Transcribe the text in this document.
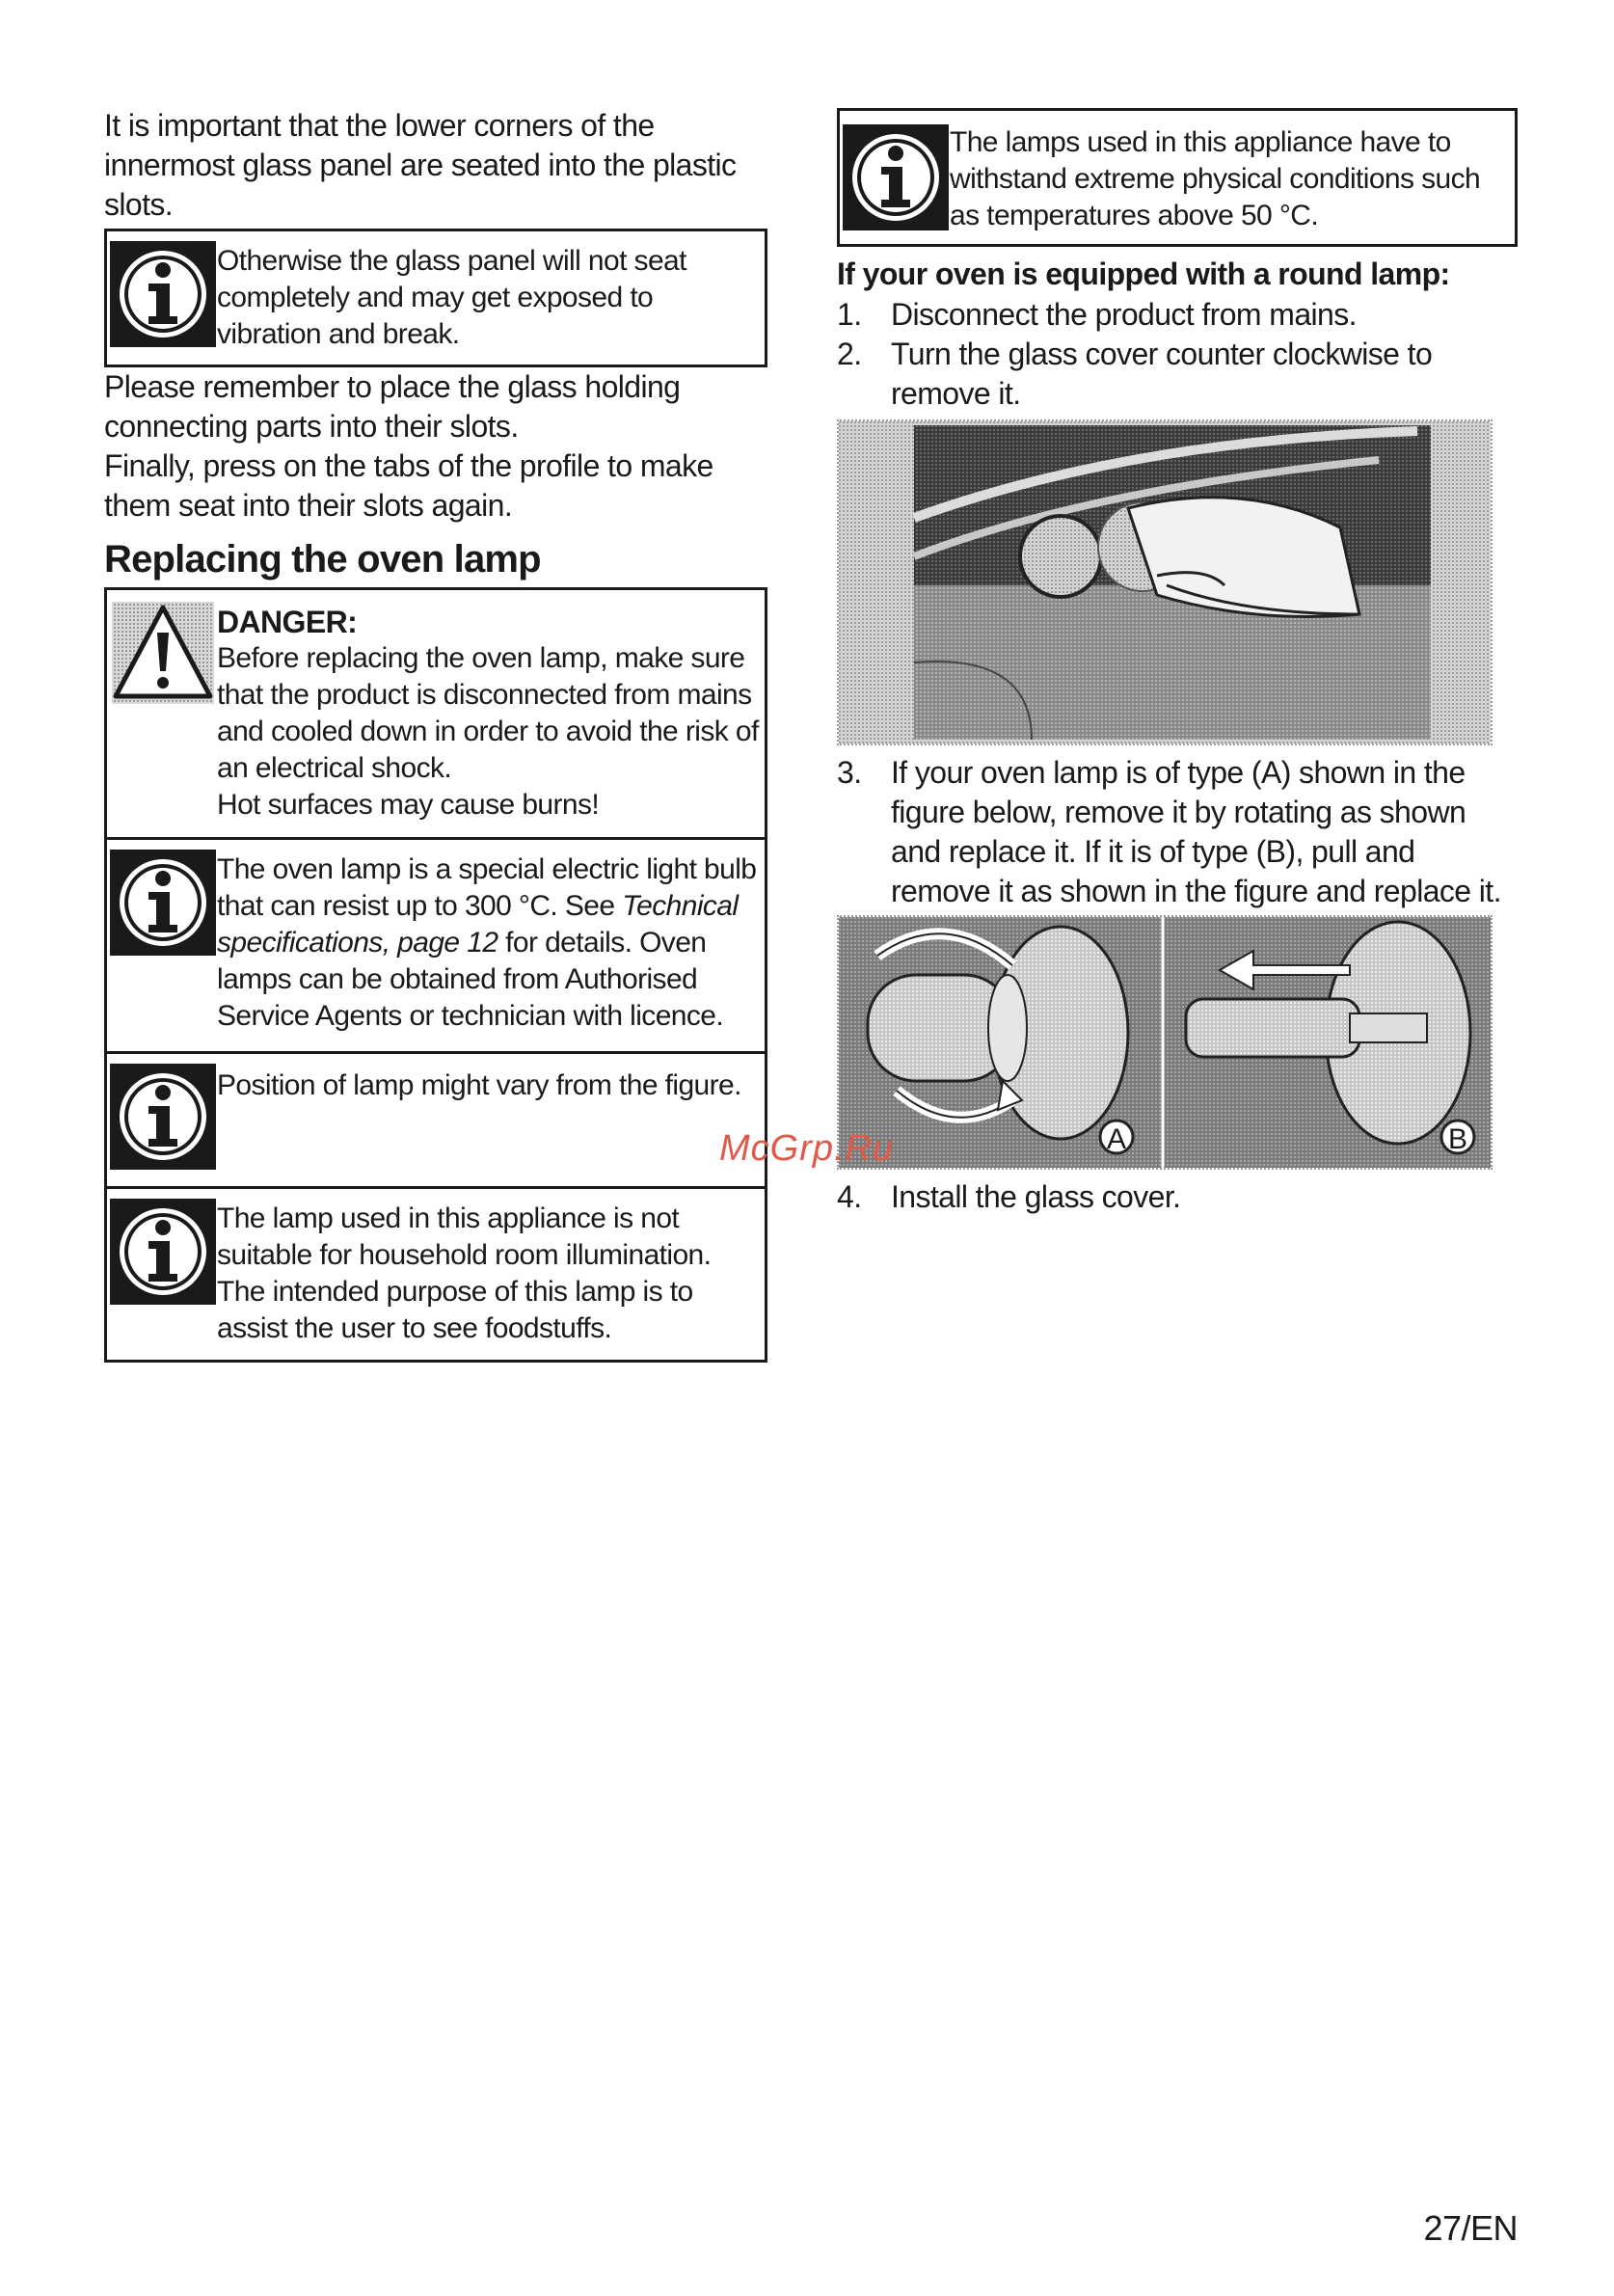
It is important that the lower corners of the innermost glass panel are seated into the plastic slots.

Otherwise the glass panel will not seat completely and may get exposed to vibration and break.

Please remember to place the glass holding connecting parts into their slots.

Finally, press on the tabs of the profile to make them seat into their slots again.

Replacing the oven lamp
DANGER:
Before replacing the oven lamp, make sure that the product is disconnected from mains and cooled down in order to avoid the risk of an electrical shock.
Hot surfaces may cause burns!
The oven lamp is a special electric light bulb that can resist up to 300 °C. See Technical specifications, page 12 for details. Oven lamps can be obtained from Authorised Service Agents or technician with licence.
Position of lamp might vary from the figure.
The lamp used in this appliance is not suitable for household room illumination. The intended purpose of this lamp is to assist the user to see foodstuffs.
The lamps used in this appliance have to withstand extreme physical conditions such as temperatures above 50 °C.
If your oven is equipped with a round lamp:
1. Disconnect the product from mains.
2. Turn the glass cover counter clockwise to remove it.
3. If your oven lamp is of type (A) shown in the figure below, remove it by rotating as shown and replace it. If it is of type (B), pull and remove it as shown in the figure and replace it.
A	B
4. Install the glass cover.
McGrp.Ru
27/EN
